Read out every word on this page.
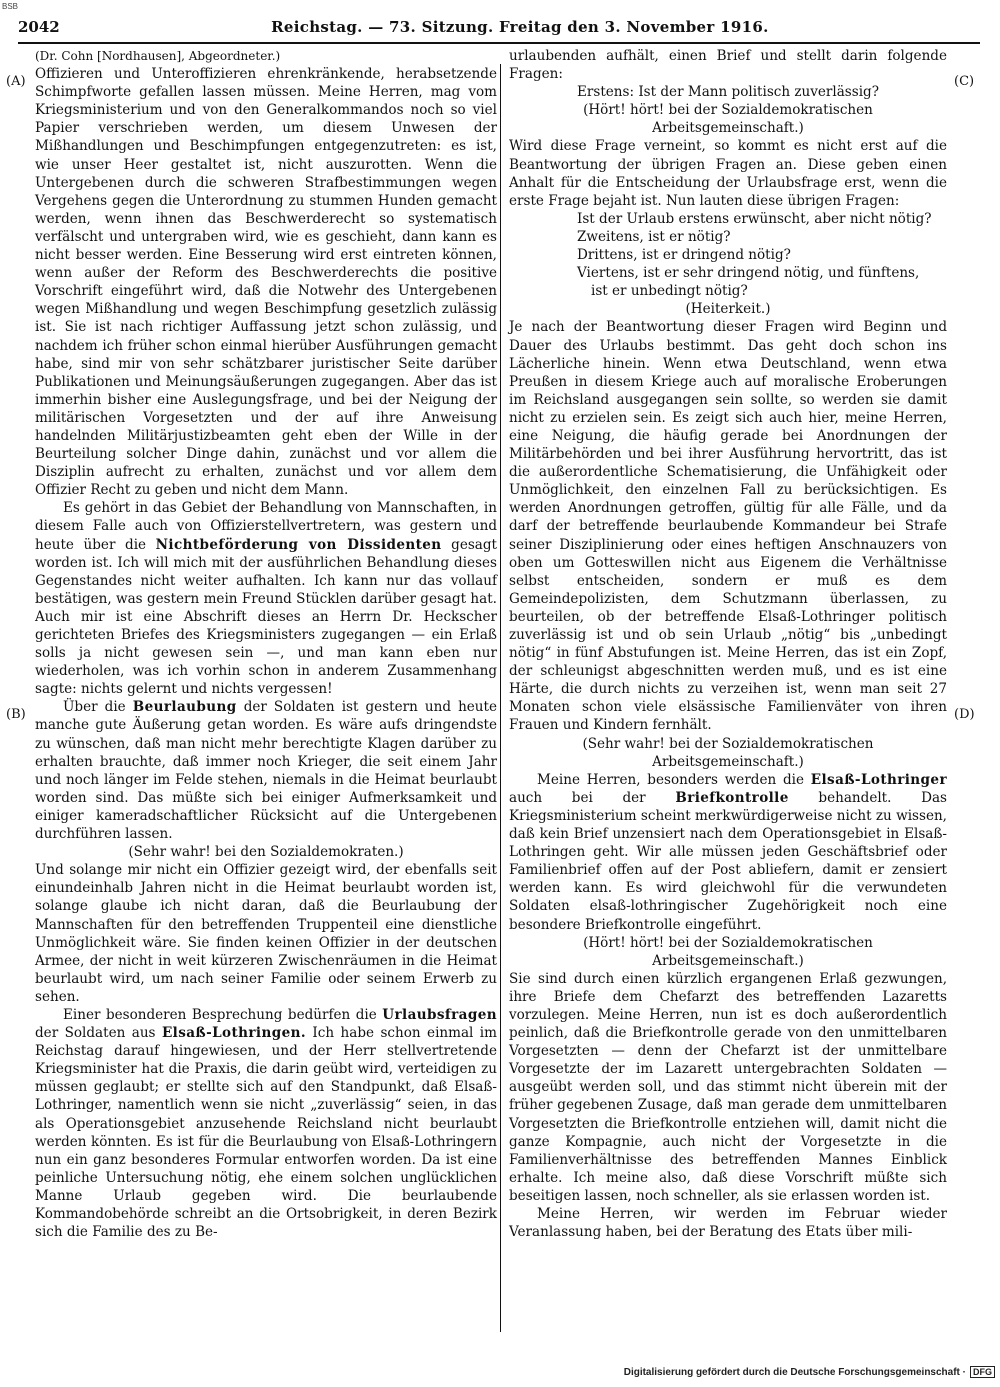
BSB
2042	Reichstag. — 73. Sitzung. Freitag den 3. November 1916.
(A)
(B)
(C)
(D)

(Dr. Cohn [Nordhausen], Abgeordneter.)

Offizieren und Unteroffizieren ehrenkränkende, herabsetzende Schimpfworte gefallen lassen müssen. Meine Herren, mag vom Kriegsministerium und von den Generalkommandos noch so viel Papier verschrieben werden, um diesem Unwesen der Mißhandlungen und Beschimpfungen entgegenzutreten: es ist, wie unser Heer gestaltet ist, nicht auszurotten. Wenn die Untergebenen durch die schweren Strafbestimmungen wegen Vergehens gegen die Unterordnung zu stummen Hunden gemacht werden, wenn ihnen das Beschwerderecht so systematisch verfälscht und untergraben wird, wie es geschieht, dann kann es nicht besser werden. Eine Besserung wird erst eintreten können, wenn außer der Reform des Beschwerderechts die positive Vorschrift eingeführt wird, daß die Notwehr des Untergebenen wegen Mißhandlung und wegen Beschimpfung gesetzlich zulässig ist. Sie ist nach richtiger Auffassung jetzt schon zulässig, und nachdem ich früher schon einmal hierüber Ausführungen gemacht habe, sind mir von sehr schätzbarer juristischer Seite darüber Publikationen und Meinungsäußerungen zugegangen. Aber das ist immerhin bisher eine Auslegungsfrage, und bei der Neigung der militärischen Vorgesetzten und der auf ihre Anweisung handelnden Militärjustizbeamten geht eben der Wille in der Beurteilung solcher Dinge dahin, zunächst und vor allem die Disziplin aufrecht zu erhalten, zunächst und vor allem dem Offizier Recht zu geben und nicht dem Mann.

Es gehört in das Gebiet der Behandlung von Mannschaften, in diesem Falle auch von Offizierstellvertretern, was gestern und heute über die Nichtbeförderung von Dissidenten gesagt worden ist. Ich will mich mit der ausführlichen Behandlung dieses Gegenstandes nicht weiter aufhalten. Ich kann nur das vollauf bestätigen, was gestern mein Freund Stücklen darüber gesagt hat. Auch mir ist eine Abschrift dieses an Herrn Dr. Heckscher gerichteten Briefes des Kriegsministers zugegangen — ein Erlaß solls ja nicht gewesen sein —, und man kann eben nur wiederholen, was ich vorhin schon in anderem Zusammenhang sagte: nichts gelernt und nichts vergessen!

Über die Beurlaubung der Soldaten ist gestern und heute manche gute Äußerung getan worden. Es wäre aufs dringendste zu wünschen, daß man nicht mehr berechtigte Klagen darüber zu erhalten brauchte, daß immer noch Krieger, die seit einem Jahr und noch länger im Felde stehen, niemals in die Heimat beurlaubt worden sind. Das müßte sich bei einiger Aufmerksamkeit und einiger kameradschaftlicher Rücksicht auf die Untergebenen durchführen lassen.

(Sehr wahr! bei den Sozialdemokraten.)

Und solange mir nicht ein Offizier gezeigt wird, der ebenfalls seit einundeinhalb Jahren nicht in die Heimat beurlaubt worden ist, solange glaube ich nicht daran, daß die Beurlaubung der Mannschaften für den betreffenden Truppenteil eine dienstliche Unmöglichkeit wäre. Sie finden keinen Offizier in der deutschen Armee, der nicht in weit kürzeren Zwischenräumen in die Heimat beurlaubt wird, um nach seiner Familie oder seinem Erwerb zu sehen.

Einer besonderen Besprechung bedürfen die Urlaubsfragen der Soldaten aus Elsaß-Lothringen. Ich habe schon einmal im Reichstag darauf hingewiesen, und der Herr stellvertretende Kriegsminister hat die Praxis, die darin geübt wird, verteidigen zu müssen geglaubt; er stellte sich auf den Standpunkt, daß Elsaß-Lothringer, namentlich wenn sie nicht „zuverlässig“ seien, in das als Operationsgebiet anzusehende Reichsland nicht beurlaubt werden könnten. Es ist für die Beurlaubung von Elsaß-Lothringern nun ein ganz besonderes Formular entworfen worden. Da ist eine peinliche Untersuchung nötig, ehe einem solchen unglücklichen Manne Urlaub gegeben wird. Die beurlaubende Kommandobehörde schreibt an die Ortsobrigkeit, in deren Bezirk sich die Familie des zu Be-

urlaubenden aufhält, einen Brief und stellt darin folgende Fragen:

Erstens: Ist der Mann politisch zuverlässig?

(Hört! hört! bei der Sozialdemokratischen Arbeitsgemeinschaft.)

Wird diese Frage verneint, so kommt es nicht erst auf die Beantwortung der übrigen Fragen an. Diese geben einen Anhalt für die Entscheidung der Urlaubsfrage erst, wenn die erste Frage bejaht ist. Nun lauten diese übrigen Fragen:

Ist der Urlaub erstens erwünscht, aber nicht nötig?

Zweitens, ist er nötig?

Drittens, ist er dringend nötig?

Viertens, ist er sehr dringend nötig, und fünftens, ist er unbedingt nötig?

(Heiterkeit.)

Je nach der Beantwortung dieser Fragen wird Beginn und Dauer des Urlaubs bestimmt. Das geht doch schon ins Lächerliche hinein. Wenn etwa Deutschland, wenn etwa Preußen in diesem Kriege auch auf moralische Eroberungen im Reichsland ausgegangen sein sollte, so werden sie damit nicht zu erzielen sein. Es zeigt sich auch hier, meine Herren, eine Neigung, die häufig gerade bei Anordnungen der Militärbehörden und bei ihrer Ausführung hervortritt, das ist die außerordentliche Schematisierung, die Unfähigkeit oder Unmöglichkeit, den einzelnen Fall zu berücksichtigen. Es werden Anordnungen getroffen, gültig für alle Fälle, und da darf der betreffende beurlaubende Kommandeur bei Strafe seiner Disziplinierung oder eines heftigen Anschnauzers von oben um Gotteswillen nicht aus Eigenem die Verhältnisse selbst entscheiden, sondern er muß es dem Gemeindepolizisten, dem Schutzmann überlassen, zu beurteilen, ob der betreffende Elsaß-Lothringer politisch zuverlässig ist und ob sein Urlaub „nötig“ bis „unbedingt nötig“ in fünf Abstufungen ist. Meine Herren, das ist ein Zopf, der schleunigst abgeschnitten werden muß, und es ist eine Härte, die durch nichts zu verzeihen ist, wenn man seit 27 Monaten schon viele elsässische Familienväter von ihren Frauen und Kindern fernhält.

(Sehr wahr! bei der Sozialdemokratischen Arbeitsgemeinschaft.)

Meine Herren, besonders werden die Elsaß-Lothringer auch bei der Briefkontrolle behandelt. Das Kriegsministerium scheint merkwürdigerweise nicht zu wissen, daß kein Brief unzensiert nach dem Operationsgebiet in Elsaß-Lothringen geht. Wir alle müssen jeden Geschäftsbrief oder Familienbrief offen auf der Post abliefern, damit er zensiert werden kann. Es wird gleichwohl für die verwundeten Soldaten elsaß-lothringischer Zugehörigkeit noch eine besondere Briefkontrolle eingeführt.

(Hört! hört! bei der Sozialdemokratischen Arbeitsgemeinschaft.)

Sie sind durch einen kürzlich ergangenen Erlaß gezwungen, ihre Briefe dem Chefarzt des betreffenden Lazaretts vorzulegen. Meine Herren, nun ist es doch außerordentlich peinlich, daß die Briefkontrolle gerade von den unmittelbaren Vorgesetzten — denn der Chefarzt ist der unmittelbare Vorgesetzte der im Lazarett untergebrachten Soldaten — ausgeübt werden soll, und das stimmt nicht überein mit der früher gegebenen Zusage, daß man gerade dem unmittelbaren Vorgesetzten die Briefkontrolle entziehen will, damit nicht die ganze Kompagnie, auch nicht der Vorgesetzte in die Familienverhältnisse des betreffenden Mannes Einblick erhalte. Ich meine also, daß diese Vorschrift müßte sich beseitigen lassen, noch schneller, als sie erlassen worden ist.

Meine Herren, wir werden im Februar wieder Veranlassung haben, bei der Beratung des Etats über mili-

Digitalisierung gefördert durch die Deutsche Forschungsgemeinschaft · DFG
